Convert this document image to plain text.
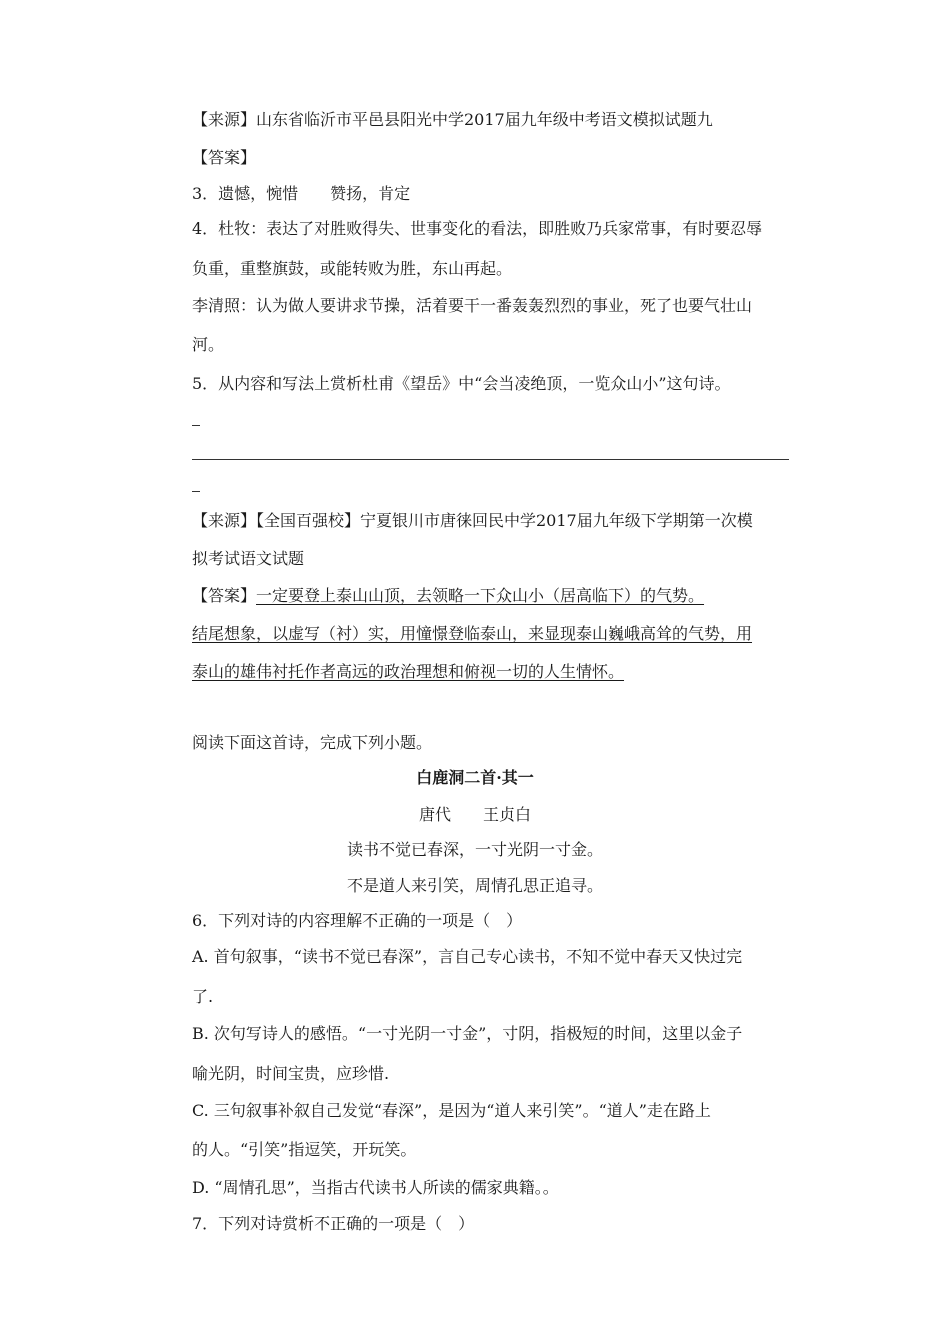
【来源】山东省临沂市平邑县阳光中学2017届九年级中考语文模拟试题九
【答案】
3．遗憾，惋惜　　赞扬，肯定
4．杜牧：表达了对胜败得失、世事变化的看法，即胜败乃兵家常事，有时要忍辱
负重，重整旗鼓，或能转败为胜，东山再起。
李清照：认为做人要讲求节操，活着要干一番轰轰烈烈的事业，死了也要气壮山
河。
5．从内容和写法上赏析杜甫《望岳》中“会当凌绝顶，一览众山小”这句诗。
【来源】【全国百强校】宁夏银川市唐徕回民中学2017届九年级下学期第一次模
拟考试语文试题
【答案】一定要登上泰山山顶，去领略一下众山小（居高临下）的气势。
结尾想象，以虚写（衬）实，用憧憬登临泰山，来显现泰山巍峨高耸的气势，用
泰山的雄伟衬托作者高远的政治理想和俯视一切的人生情怀。
阅读下面这首诗，完成下列小题。
白鹿洞二首·其一
唐代　　王贞白
读书不觉已春深，一寸光阴一寸金。
不是道人来引笑，周情孔思正追寻。
6．下列对诗的内容理解不正确的一项是（　）
A. 首句叙事，“读书不觉已春深”，言自己专心读书，不知不觉中春天又快过完
了.
B. 次句写诗人的感悟。“一寸光阴一寸金”，寸阴，指极短的时间，这里以金子
喻光阴，时间宝贵，应珍惜.
C. 三句叙事补叙自己发觉“春深”，是因为“道人来引笑”。“道人”走在路上
的人。“引笑”指逗笑，开玩笑。
D. “周情孔思”，当指古代读书人所读的儒家典籍。。
7．下列对诗赏析不正确的一项是（　）
